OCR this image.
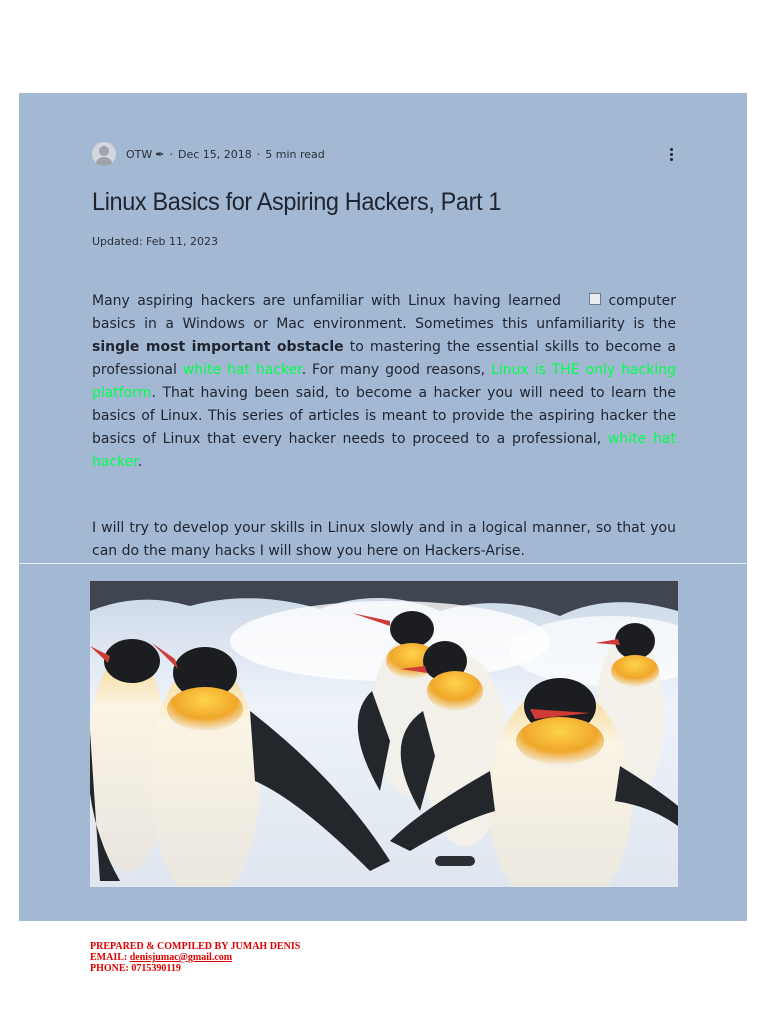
OTW ✒ · Dec 15, 2018 · 5 min read
Linux Basics for Aspiring Hackers, Part 1
Updated: Feb 11, 2023

Many aspiring hackers are unfamiliar with Linux having learned	computer basics in a Windows or Mac environment. Sometimes this unfamiliarity is the single most important obstacle to mastering the essential skills to become a professional white hat hacker. For many good reasons, Linux is THE only hacking platform. That having been said, to become a hacker you will need to learn the basics of Linux. This series of articles is meant to provide the aspiring hacker the basics of Linux that every hacker needs to proceed to a professional, white hat hacker.

I will try to develop your skills in Linux slowly and in a logical manner, so that you can do the many hacks I will show you here on Hackers-Arise.

PREPARED & COMPILED BY JUMAH DENIS
EMAIL: denisjumac@gmail.com
PHONE: 0715390119
